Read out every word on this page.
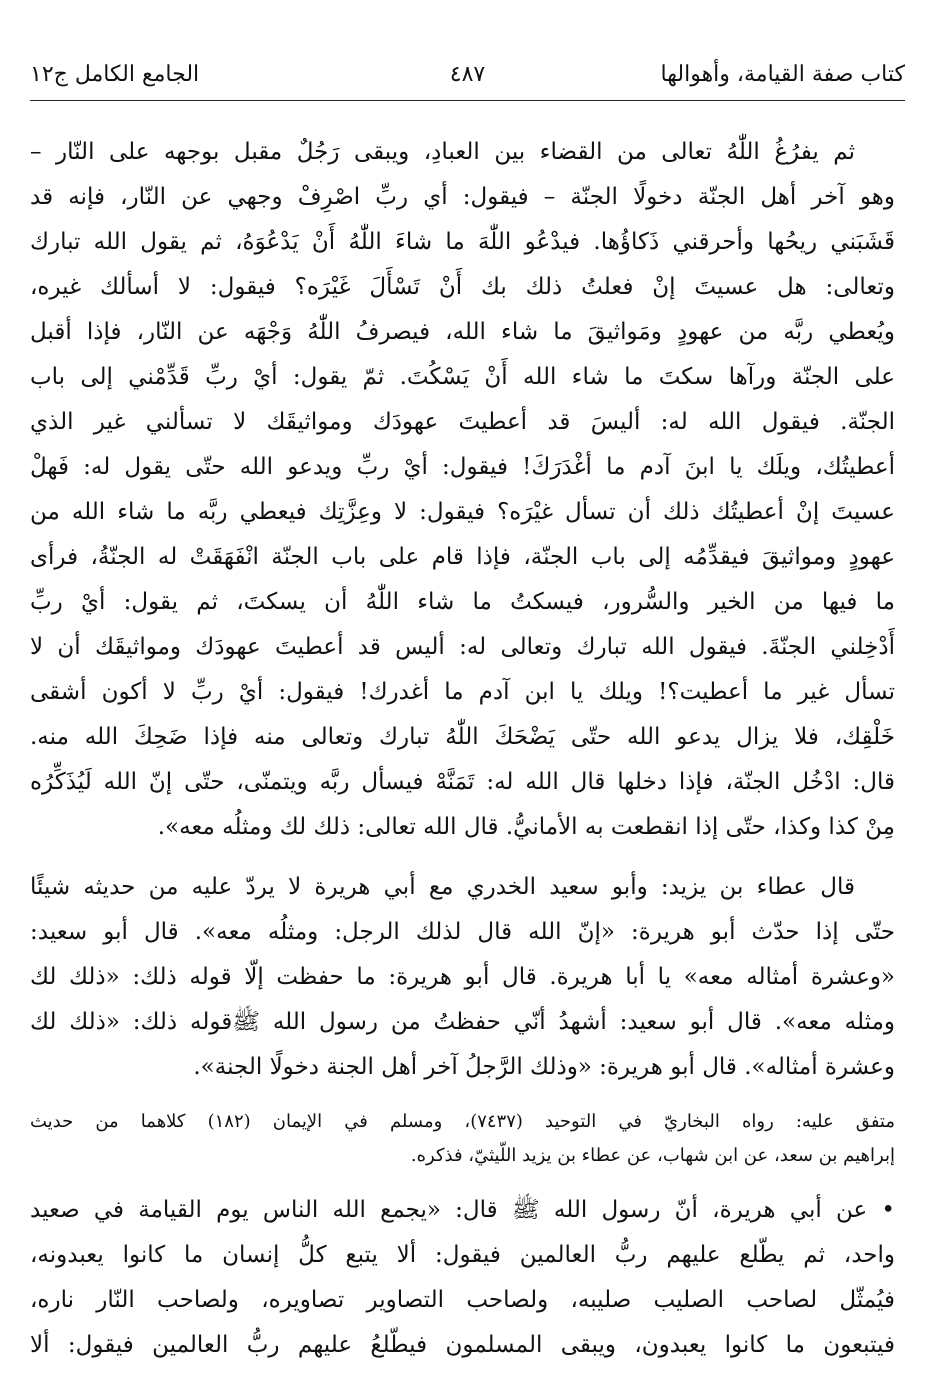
كتاب صفة القيامة، وأهوالها
٤٨٧
الجامع الكامل ج١٢
ثم يفرُغُ اللّٰهُ تعالى من القضاء بين العبادِ، ويبقى رَجُلٌ مقبل بوجهه على النّار –
وهو آخر أهل الجنّة دخولًا الجنّة – فيقول: أي ربِّ اصْرِفْ وجهي عن النّار، فإنه قد
قَشَبَني ريحُها وأحرقني ذَكاؤُها. فيدْعُو اللّٰهَ ما شاءَ اللّٰهُ أَنْ يَدْعُوَهُ، ثم يقول الله تبارك
وتعالى: هل عسيتَ إنْ فعلتُ ذلك بك أَنْ تَسْأَلَ غَيْرَه؟ فيقول: لا أسألك غيره،
ويُعطي ربَّه من عهودٍ ومَواثيقَ ما شاء الله، فيصرفُ اللّٰهُ وَجْهَه عن النّار، فإذا أقبل
على الجنّة ورآها سكتَ ما شاء الله أَنْ يَسْكُتَ. ثمّ يقول: أيْ ربِّ قَدِّمْني إلى باب
الجنّة. فيقول الله له: أليسَ قد أعطيتَ عهودَك ومواثيقَك لا تسألني غير الذي
أعطيتُك، ويلَك يا ابنَ آدم ما أغْدَرَكَ! فيقول: أيْ ربِّ ويدعو الله حتّى يقول له: فَهلْ
عسيتَ إنْ أعطيتُك ذلك أن تسأل غيْرَه؟ فيقول: لا وعِزَّتِك فيعطي ربَّه ما شاء الله من
عهودٍ ومواثيقَ فيقدِّمُه إلى باب الجنّة، فإذا قام على باب الجنّة انْفَهَقَتْ له الجنّةُ، فرأى
ما فيها من الخير والسُّرور، فيسكتُ ما شاء اللّٰهُ أن يسكتَ، ثم يقول: أيْ ربِّ
أَدْخِلني الجنّةَ. فيقول الله تبارك وتعالى له: أليس قد أعطيتَ عهودَك ومواثيقَك أن لا
تسأل غير ما أعطيت؟! ويلك يا ابن آدم ما أغدرك! فيقول: أيْ ربِّ لا أكون أشقى
خَلْقِك، فلا يزال يدعو الله حتّى يَضْحَكَ اللّٰهُ تبارك وتعالى منه فإذا ضَحِكَ الله منه.
قال: ادْخُل الجنّة، فإذا دخلها قال الله له: تَمَنَّهْ فيسأل ربَّه ويتمنّى، حتّى إنّ الله لَيُذَكِّرُه
مِنْ كذا وكذا، حتّى إذا انقطعت به الأمانيُّ. قال الله تعالى: ذلك لك ومثلُه معه».
قال عطاء بن يزيد: وأبو سعيد الخدري مع أبي هريرة لا يردّ عليه من حديثه شيئًا
حتّى إذا حدّث أبو هريرة: «إنّ الله قال لذلك الرجل: ومثلُه معه». قال أبو سعيد:
«وعشرة أمثاله معه» يا أبا هريرة. قال أبو هريرة: ما حفظت إلّا قوله ذلك: «ذلك لك
ومثله معه». قال أبو سعيد: أشهدُ أنّي حفظتُ من رسول الله ﷺقوله ذلك: «ذلك لك
وعشرة أمثاله». قال أبو هريرة: «وذلك الرَّجلُ آخر أهل الجنة دخولًا الجنة».
متفق عليه: رواه البخاريّ في التوحيد (٧٤٣٧)، ومسلم في الإيمان (١٨٢) كلاهما من حديث
إبراهيم بن سعد، عن ابن شهاب، عن عطاء بن يزيد اللّيثيّ، فذكره.
• عن أبي هريرة، أنّ رسول الله ﷺ قال: «يجمع الله الناس يوم القيامة في صعيد
واحد، ثم يطّلع عليهم ربُّ العالمين فيقول: ألا يتبع كلُّ إنسان ما كانوا يعبدونه،
فيُمثّل لصاحب الصليب صليبه، ولصاحب التصاوير تصاويره، ولصاحب النّار ناره،
فيتبعون ما كانوا يعبدون، ويبقى المسلمون فيطّلعُ عليهم ربُّ العالمين فيقول: ألا
